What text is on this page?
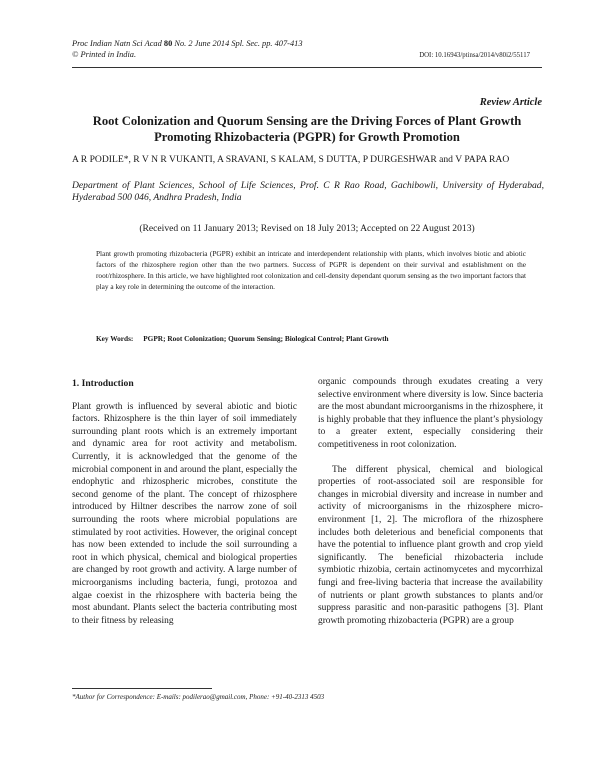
Proc Indian Natn Sci Acad 80 No. 2 June 2014 Spl. Sec. pp. 407-413
© Printed in India.	DOI: 10.16943/ptinsa/2014/v80i2/55117
Review Article
Root Colonization and Quorum Sensing are the Driving Forces of Plant Growth Promoting Rhizobacteria (PGPR) for Growth Promotion

A R PODILE*, R V N R VUKANTI, A SRAVANI, S KALAM, S DUTTA, P DURGESHWAR and V PAPA RAO

Department of Plant Sciences, School of Life Sciences, Prof. C R Rao Road, Gachibowli, University of Hyderabad, Hyderabad 500 046, Andhra Pradesh, India

(Received on 11 January 2013; Revised on 18 July 2013; Accepted on 22 August 2013)

Plant growth promoting rhizobacteria (PGPR) exhibit an intricate and interdependent relationship with plants, which involves biotic and abiotic factors of the rhizosphere region other than the two partners. Success of PGPR is dependent on their survival and establishment on the root/rhizosphere. In this article, we have highlighted root colonization and cell-density dependant quorum sensing as the two important factors that play a key role in determining the outcome of the interaction.

Key Words: PGPR; Root Colonization; Quorum Sensing; Biological Control; Plant Growth
1. Introduction

Plant growth is influenced by several abiotic and biotic factors. Rhizosphere is the thin layer of soil immediately surrounding plant roots which is an extremely important and dynamic area for root activity and metabolism. Currently, it is acknowledged that the genome of the microbial component in and around the plant, especially the endophytic and rhizospheric microbes, constitute the second genome of the plant. The concept of rhizosphere introduced by Hiltner describes the narrow zone of soil surrounding the roots where microbial populations are stimulated by root activities. However, the original concept has now been extended to include the soil surrounding a root in which physical, chemical and biological properties are changed by root growth and activity. A large number of microorganisms including bacteria, fungi, protozoa and algae coexist in the rhizosphere with bacteria being the most abundant. Plants select the bacteria contributing most to their fitness by releasing

organic compounds through exudates creating a very selective environment where diversity is low. Since bacteria are the most abundant microorganisms in the rhizosphere, it is highly probable that they influence the plant’s physiology to a greater extent, especially considering their competitiveness in root colonization.

The different physical, chemical and biological properties of root-associated soil are responsible for changes in microbial diversity and increase in number and activity of microorganisms in the rhizosphere micro-environment [1, 2]. The microflora of the rhizosphere includes both deleterious and beneficial components that have the potential to influence plant growth and crop yield significantly. The beneficial rhizobacteria include symbiotic rhizobia, certain actinomycetes and mycorrhizal fungi and free-living bacteria that increase the availability of nutrients or plant growth substances to plants and/or suppress parasitic and non-parasitic pathogens [3]. Plant growth promoting rhizobacteria (PGPR) are a group

*Author for Correspondence: E-mails: podilerao@gmail.com, Phone: +91-40-2313 4503
